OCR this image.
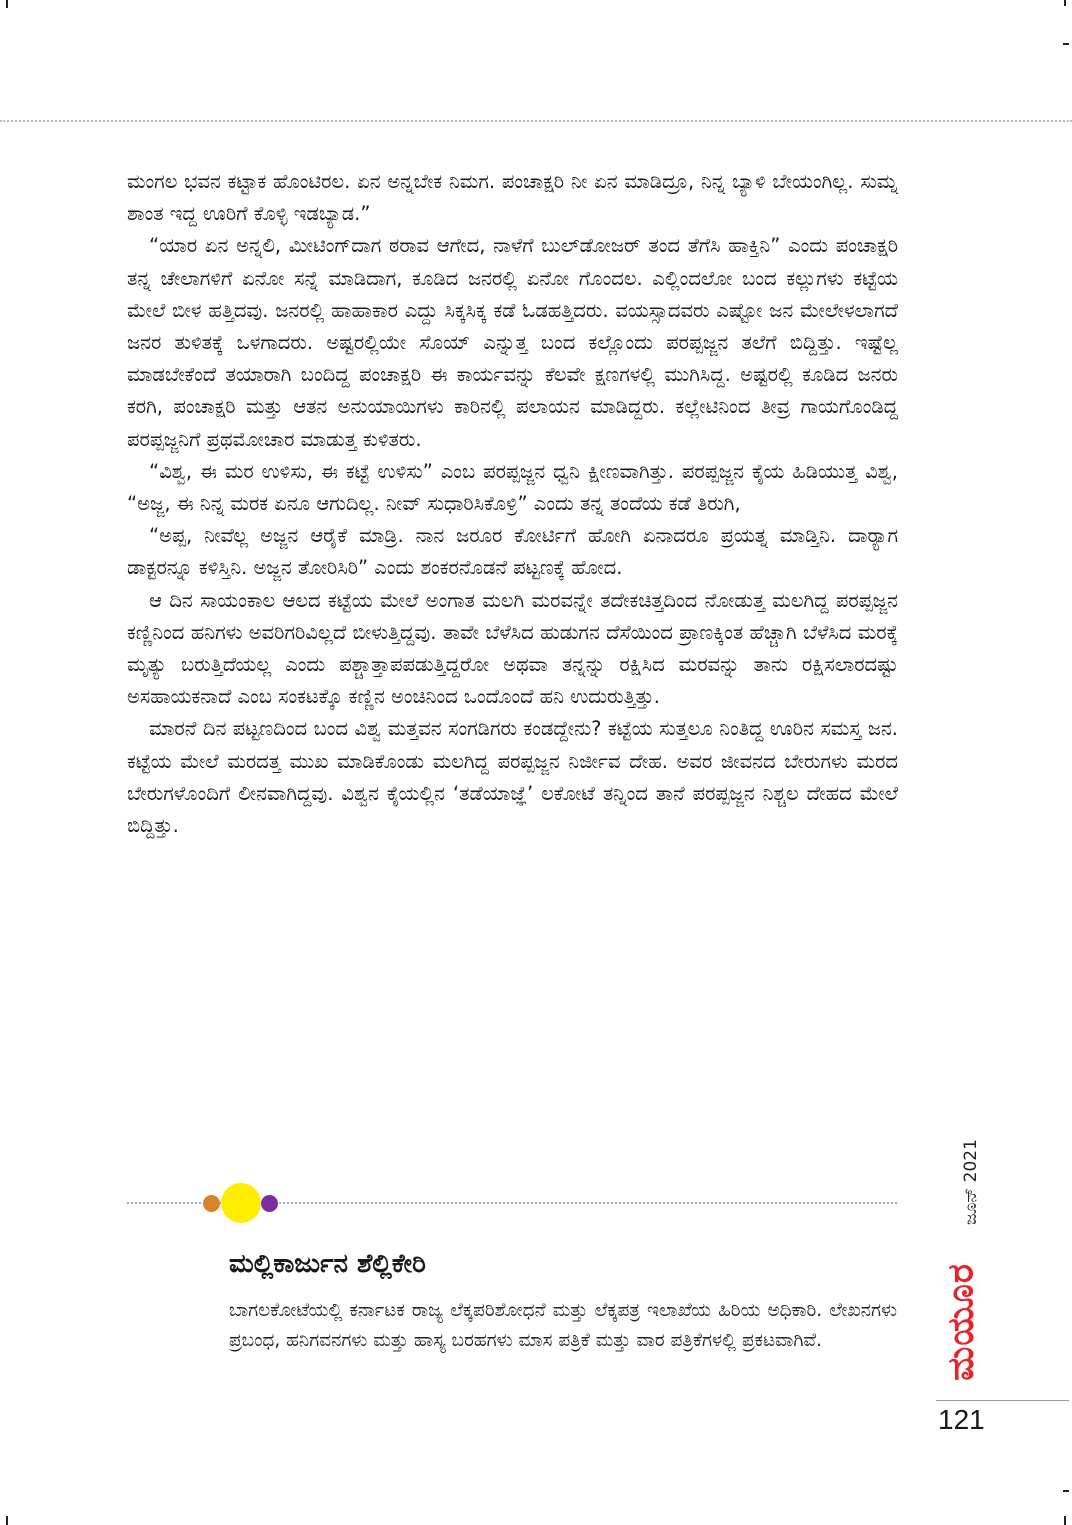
ಮಂಗಲ ಭವನ ಕಟ್ಟಾಕ ಹೊಂಟಿರಲ. ಏನ ಅನ್ನಬೇಕ ನಿಮಗ. ಪಂಚಾಕ್ಷರಿ ನೀ ಏನ ಮಾಡಿದ್ರೂ, ನಿನ್ನ ಬ್ಯಾಳಿ ಬೇಯಂಗಿಲ್ಲ. ಸುಮ್ನ ಶಾಂತ ಇದ್ದ ಊರಿಗೆ ಕೊಳ್ಳಿ ಇಡಬ್ಯಾಡ.”

“ಯಾರ ಏನ ಅನ್ನಲಿ, ಮೀಟಿಂಗ್‌ದಾಗ ಠರಾವ ಆಗೇದ, ನಾಳೆಗೆ ಬುಲ್‌ಡೋಜರ್ ತಂದ ತೆಗೆಸಿ ಹಾಕ್ತಿನಿ” ಎಂದು ಪಂಚಾಕ್ಷರಿ ತನ್ನ ಚೇಲಾಗಳಿಗೆ ಏನೋ ಸನ್ನೆ ಮಾಡಿದಾಗ, ಕೂಡಿದ ಜನರಲ್ಲಿ ಏನೋ ಗೊಂದಲ. ಎಲ್ಲಿಂದಲೋ ಬಂದ ಕಲ್ಲುಗಳು ಕಟ್ಟೆಯ ಮೇಲೆ ಬೀಳ ಹತ್ತಿದವು. ಜನರಲ್ಲಿ ಹಾಹಾಕಾರ ಎದ್ದು ಸಿಕ್ಕಸಿಕ್ಕ ಕಡೆ ಓಡಹತ್ತಿದರು. ವಯಸ್ಸಾದವರು ಎಷ್ಟೋ ಜನ ಮೇಲೇಳಲಾಗದೆ ಜನರ ತುಳಿತಕ್ಕೆ ಒಳಗಾದರು. ಅಷ್ಟರಲ್ಲಿಯೇ ಸೊಯ್ ಎನ್ನುತ್ತ ಬಂದ ಕಲ್ಲೊಂದು ಪರಪ್ಪಜ್ಜನ ತಲೆಗೆ ಬಿದ್ದಿತ್ತು. ಇಷ್ಟೆಲ್ಲ ಮಾಡಬೇಕೆಂದೆ ತಯಾರಾಗಿ ಬಂದಿದ್ದ ಪಂಚಾಕ್ಷರಿ ಈ ಕಾರ್ಯವನ್ನು ಕೆಲವೇ ಕ್ಷಣಗಳಲ್ಲಿ ಮುಗಿಸಿದ್ದ. ಅಷ್ಟರಲ್ಲಿ ಕೂಡಿದ ಜನರು ಕರಗಿ, ಪಂಚಾಕ್ಷರಿ ಮತ್ತು ಆತನ ಅನುಯಾಯಿಗಳು ಕಾರಿನಲ್ಲಿ ಪಲಾಯನ ಮಾಡಿದ್ದರು. ಕಲ್ಲೇಟಿನಿಂದ ತೀವ್ರ ಗಾಯಗೊಂಡಿದ್ದ ಪರಪ್ಪಜ್ಜನಿಗೆ ಪ್ರಥಮೋಚಾರ ಮಾಡುತ್ತ ಕುಳಿತರು.

“ವಿಶ್ವ, ಈ ಮರ ಉಳಿಸು, ಈ ಕಟ್ಟೆ ಉಳಿಸು” ಎಂಬ ಪರಪ್ಪಜ್ಜನ ಧ್ವನಿ ಕ್ಷೀಣವಾಗಿತ್ತು. ಪರಪ್ಪಜ್ಜನ ಕೈಯ ಹಿಡಿಯುತ್ತ ವಿಶ್ವ, “ಅಜ್ಜ, ಈ ನಿನ್ನ ಮರಕ ಏನೂ ಆಗುದಿಲ್ಲ. ನೀವ್ ಸುಧಾರಿಸಿಕೊಳ್ರಿ” ಎಂದು ತನ್ನ ತಂದೆಯ ಕಡೆ ತಿರುಗಿ,

“ಅಪ್ಪ, ನೀವೆಲ್ಲ ಅಜ್ಜನ ಆರೈಕೆ ಮಾಡ್ರಿ. ನಾನ ಜರೂರ ಕೋರ್ಟಿಗೆ ಹೋಗಿ ಏನಾದರೂ ಪ್ರಯತ್ನ ಮಾಡ್ತಿನಿ. ದಾರ್‍ಯಾಗ ಡಾಕ್ಟರನ್ನೂ ಕಳಿಸ್ತಿನಿ. ಅಜ್ಜನ ತೋರಿಸಿರಿ” ಎಂದು ಶಂಕರನೊಡನೆ ಪಟ್ಟಣಕ್ಕೆ ಹೋದ.

ಆ ದಿನ ಸಾಯಂಕಾಲ ಆಲದ ಕಟ್ಟೆಯ ಮೇಲೆ ಅಂಗಾತ ಮಲಗಿ ಮರವನ್ನೇ ತದೇಕಚಿತ್ತದಿಂದ ನೋಡುತ್ತ ಮಲಗಿದ್ದ ಪರಪ್ಪಜ್ಜನ ಕಣ್ಣಿನಿಂದ ಹನಿಗಳು ಅವರಿಗರಿವಿಲ್ಲದೆ ಬೀಳುತ್ತಿದ್ದವು. ತಾವೇ ಬೆಳೆಸಿದ ಹುಡುಗನ ದೆಸೆಯಿಂದ ಪ್ರಾಣಕ್ಕಿಂತ ಹೆಚ್ಚಾಗಿ ಬೆಳೆಸಿದ ಮರಕ್ಕೆ ಮೃತ್ಯು ಬರುತ್ತಿದೆಯಲ್ಲ ಎಂದು ಪಶ್ಚಾತ್ತಾಪಪಡುತ್ತಿದ್ದರೋ ಅಥವಾ ತನ್ನನ್ನು ರಕ್ಷಿಸಿದ ಮರವನ್ನು ತಾನು ರಕ್ಷಿಸಲಾರದಷ್ಟು ಅಸಹಾಯಕನಾದೆ ಎಂಬ ಸಂಕಟಕ್ಕೊ ಕಣ್ಣಿನ ಅಂಚಿನಿಂದ ಒಂದೊಂದೆ ಹನಿ ಉದುರುತ್ತಿತ್ತು.

ಮಾರನೆ ದಿನ ಪಟ್ಟಣದಿಂದ ಬಂದ ವಿಶ್ವ ಮತ್ತವನ ಸಂಗಡಿಗರು ಕಂಡದ್ದೇನು? ಕಟ್ಟೆಯ ಸುತ್ತಲೂ ನಿಂತಿದ್ದ ಊರಿನ ಸಮಸ್ತ ಜನ. ಕಟ್ಟೆಯ ಮೇಲೆ ಮರದತ್ತ ಮುಖ ಮಾಡಿಕೊಂಡು ಮಲಗಿದ್ದ ಪರಪ್ಪಜ್ಜನ ನಿರ್ಜೀವ ದೇಹ. ಅವರ ಜೀವನದ ಬೇರುಗಳು ಮರದ ಬೇರುಗಳೊಂದಿಗೆ ಲೀನವಾಗಿದ್ದವು. ವಿಶ್ವನ ಕೈಯಲ್ಲಿನ ‘ತಡೆಯಾಜ್ಞೆ’ ಲಕೋಟೆ ತನ್ನಿಂದ ತಾನೆ ಪರಪ್ಪಜ್ಜನ ನಿಶ್ಚಲ ದೇಹದ ಮೇಲೆ ಬಿದ್ದಿತ್ತು.

ಮಲ್ಲಿಕಾರ್ಜುನ ಶೆಲ್ಲಿಕೇರಿ
ಬಾಗಲಕೋಟೆಯಲ್ಲಿ ಕರ್ನಾಟಕ ರಾಜ್ಯ ಲೆಕ್ಕಪರಿಶೋಧನೆ ಮತ್ತು ಲೆಕ್ಕಪತ್ರ ಇಲಾಖೆಯ ಹಿರಿಯ ಅಧಿಕಾರಿ. ಲೇಖನಗಳು ಪ್ರಬಂಧ, ಹನಿಗವನಗಳು ಮತ್ತು ಹಾಸ್ಯ ಬರಹಗಳು ಮಾಸ ಪತ್ರಿಕೆ ಮತ್ತು ವಾರ ಪತ್ರಿಕೆಗಳಲ್ಲಿ ಪ್ರಕಟವಾಗಿವೆ.
ಜೂನ್ 2021
ಮಯೂರ
121
